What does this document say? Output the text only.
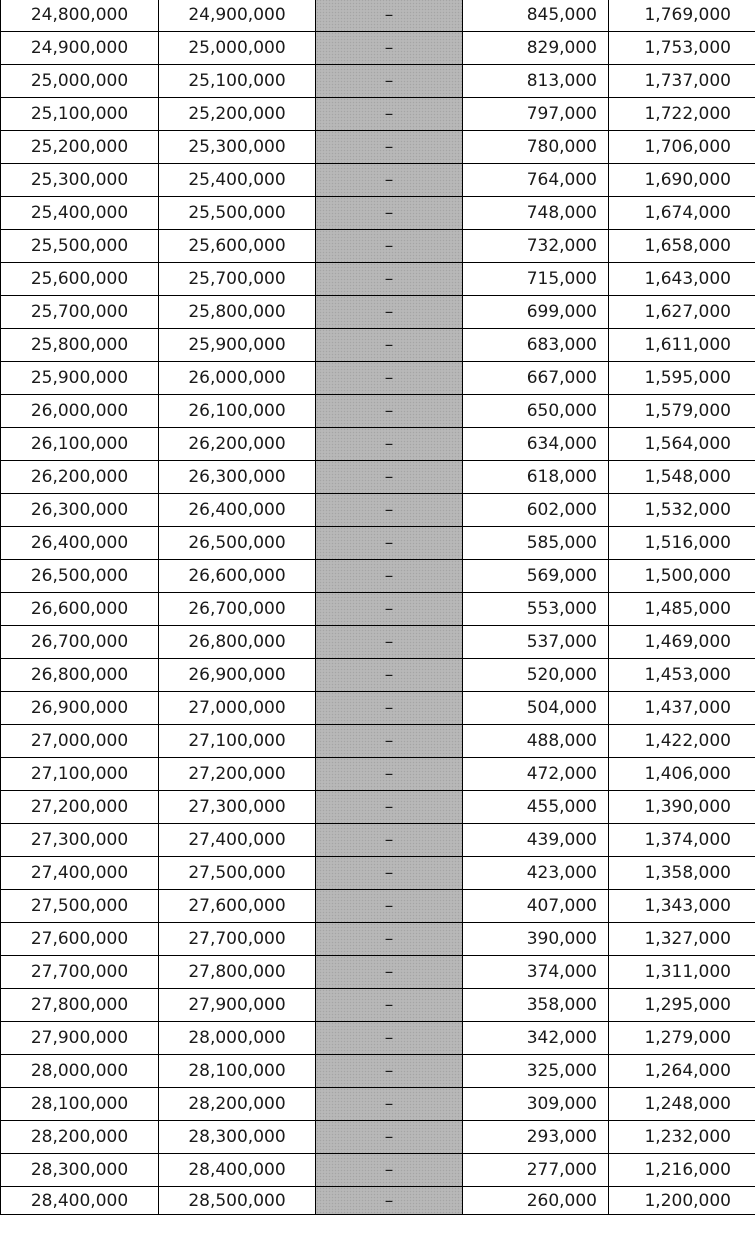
24,800,000	24,900,000	–	845,000	1,769,000
24,900,000	25,000,000	–	829,000	1,753,000
25,000,000	25,100,000	–	813,000	1,737,000
25,100,000	25,200,000	–	797,000	1,722,000
25,200,000	25,300,000	–	780,000	1,706,000
25,300,000	25,400,000	–	764,000	1,690,000
25,400,000	25,500,000	–	748,000	1,674,000
25,500,000	25,600,000	–	732,000	1,658,000
25,600,000	25,700,000	–	715,000	1,643,000
25,700,000	25,800,000	–	699,000	1,627,000
25,800,000	25,900,000	–	683,000	1,611,000
25,900,000	26,000,000	–	667,000	1,595,000
26,000,000	26,100,000	–	650,000	1,579,000
26,100,000	26,200,000	–	634,000	1,564,000
26,200,000	26,300,000	–	618,000	1,548,000
26,300,000	26,400,000	–	602,000	1,532,000
26,400,000	26,500,000	–	585,000	1,516,000
26,500,000	26,600,000	–	569,000	1,500,000
26,600,000	26,700,000	–	553,000	1,485,000
26,700,000	26,800,000	–	537,000	1,469,000
26,800,000	26,900,000	–	520,000	1,453,000
26,900,000	27,000,000	–	504,000	1,437,000
27,000,000	27,100,000	–	488,000	1,422,000
27,100,000	27,200,000	–	472,000	1,406,000
27,200,000	27,300,000	–	455,000	1,390,000
27,300,000	27,400,000	–	439,000	1,374,000
27,400,000	27,500,000	–	423,000	1,358,000
27,500,000	27,600,000	–	407,000	1,343,000
27,600,000	27,700,000	–	390,000	1,327,000
27,700,000	27,800,000	–	374,000	1,311,000
27,800,000	27,900,000	–	358,000	1,295,000
27,900,000	28,000,000	–	342,000	1,279,000
28,000,000	28,100,000	–	325,000	1,264,000
28,100,000	28,200,000	–	309,000	1,248,000
28,200,000	28,300,000	–	293,000	1,232,000
28,300,000	28,400,000	–	277,000	1,216,000
28,400,000	28,500,000	–	260,000	1,200,000
